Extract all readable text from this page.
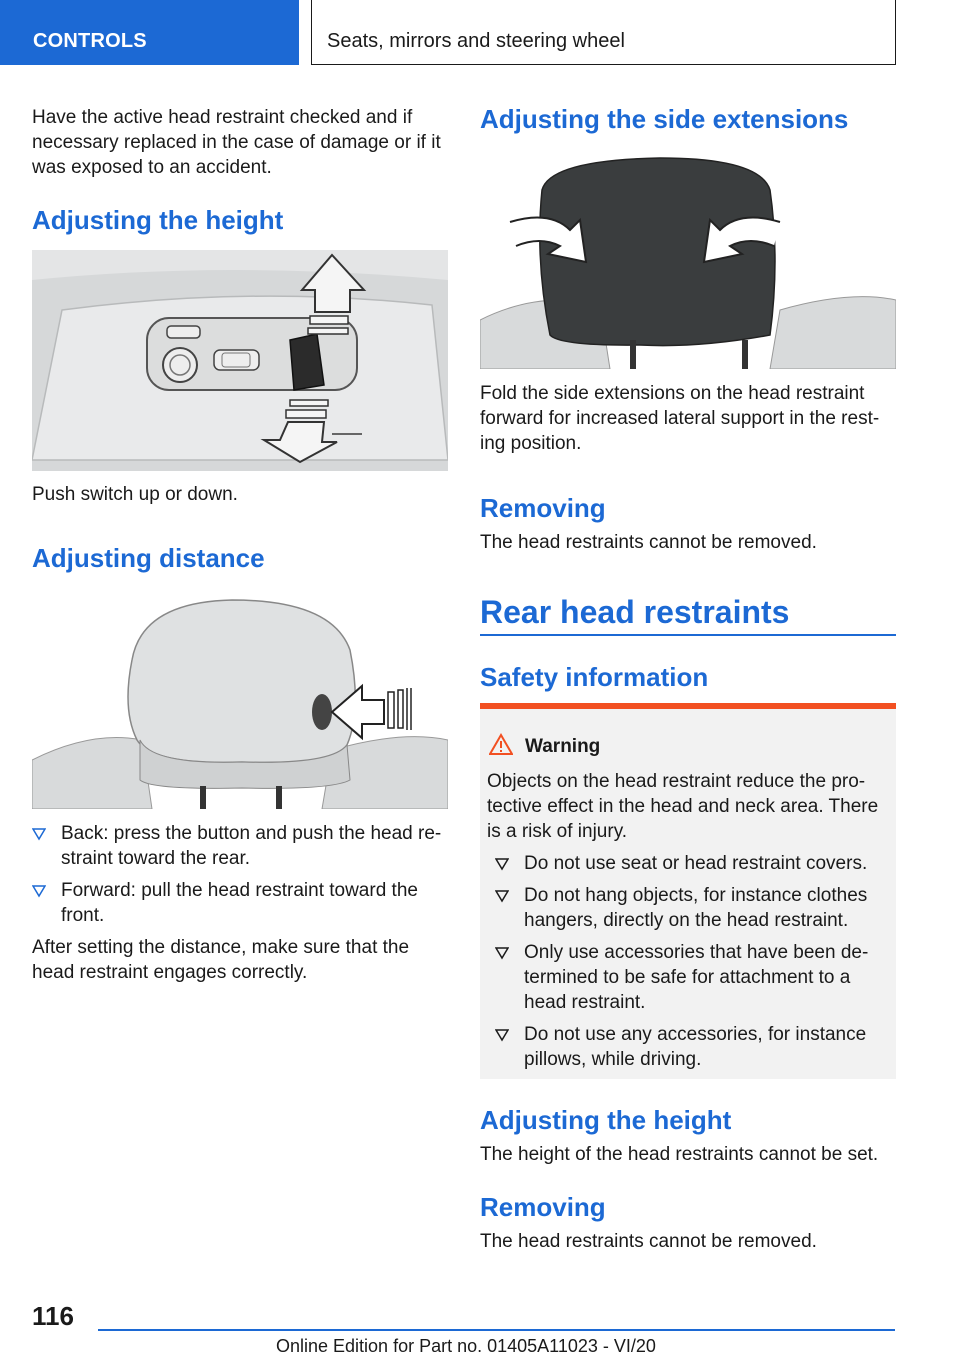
CONTROLS	Seats, mirrors and steering wheel

Have the active head restraint checked and if necessary replaced in the case of damage or if it was exposed to an accident.

Adjusting the height

Push switch up or down.

Adjusting distance
Back: press the button and push the head re‐straint toward the rear.
Forward: pull the head restraint toward the front.

After setting the distance, make sure that the head restraint engages correctly.

Adjusting the side extensions

Fold the side extensions on the head restraint forward for increased lateral support in the rest‐ing position.

Removing

The head restraints cannot be removed.

Rear head restraints
Safety information
Warning

Objects on the head restraint reduce the pro‐tective effect in the head and neck area. There is a risk of injury.

Do not use seat or head restraint covers.
Do not hang objects, for instance clothes hangers, directly on the head restraint.
Only use accessories that have been de‐termined to be safe for attachment to a head restraint.
Do not use any accessories, for instance pillows, while driving.
Adjusting the height

The height of the head restraints cannot be set.

Removing

The head restraints cannot be removed.

116
Online Edition for Part no. 01405A11023 - VI/20
